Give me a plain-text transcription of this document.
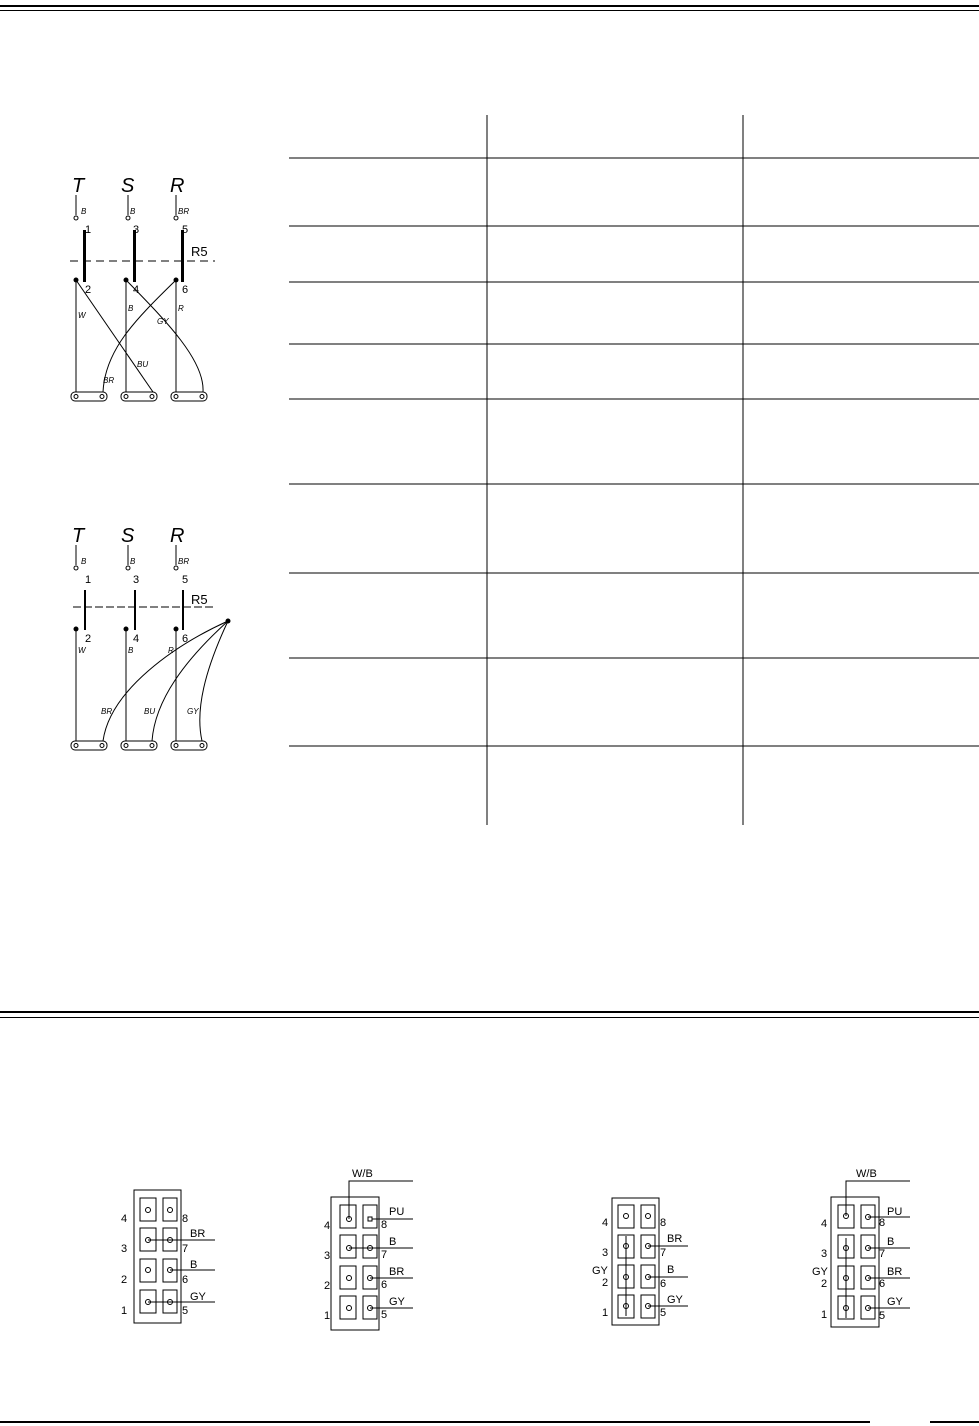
T S R
B	B	BR
1	3	5
R5
2	4	6
W
B
GY
R
BU
BR
T S R
B	B	BR
1	3	5
R5
2	4	6
W	B	R
BR	BU	GY
4
3
2
1
8
7
6
5
BR
B
GY
W/B
4
3
2
1
8
7
6
5
PU
B
BR
GY
4
3
GY
2
1
8
7
6
5
BR
B
GY
W/B
4
3
GY
2
1
8
7
6
5
PU
B
BR
GY
